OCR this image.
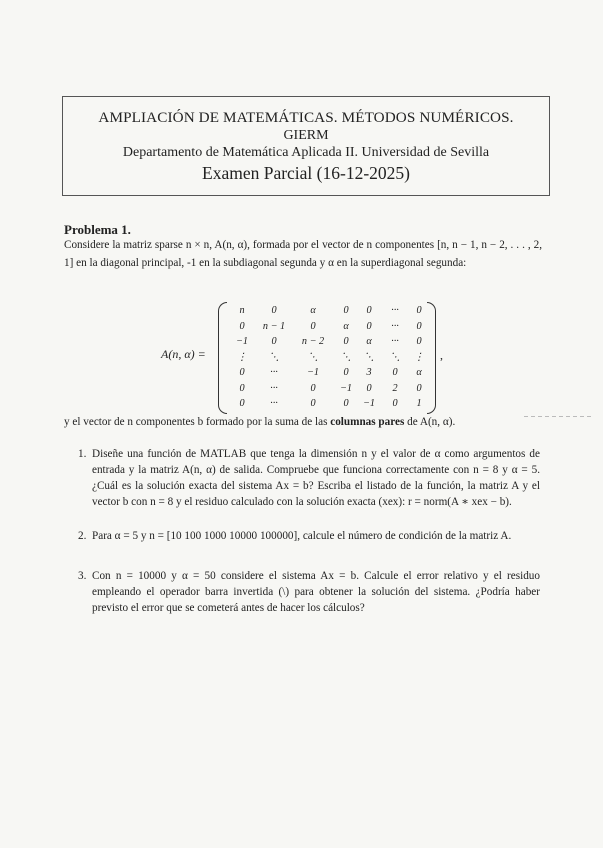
AMPLIACIÓN DE MATEMÁTICAS. MÉTODOS NUMÉRICOS.
GIERM
Departamento de Matemática Aplicada II. Universidad de Sevilla
Examen Parcial (16-12-2025)
Problema 1.
Considere la matriz sparse n × n, A(n, α), formada por el vector de n componentes [n, n − 1, n − 2, . . . , 2, 1] en la diagonal principal, -1 en la subdiagonal segunda y α en la superdiagonal segunda:
A(n, α) =
n	0	α	0	0	···	0
0	n − 1	0	α	0	···	0
−1	0	n − 2	0	α	···	0
⋮	⋱	⋱	⋱	⋱	⋱	⋮
0	···	−1	0	3	0	α
0	···	0	−1	0	2	0
0	···	0	0	−1	0	1
,
y el vector de n componentes b formado por la suma de las columnas pares de A(n, α).
1. Diseñe una función de MATLAB que tenga la dimensión n y el valor de α como argumentos de entrada y la matriz A(n, α) de salida. Compruebe que funciona correctamente con n = 8 y α = 5. ¿Cuál es la solución exacta del sistema Ax = b? Escriba el listado de la función, la matriz A y el vector b con n = 8 y el residuo calculado con la solución exacta (xex): r = norm(A ∗ xex − b).
2. Para α = 5 y n = [10 100 1000 10000 100000], calcule el número de condición de la matriz A.
3. Con n = 10000 y α = 50 considere el sistema Ax = b. Calcule el error relativo y el residuo empleando el operador barra invertida (\) para obtener la solución del sistema. ¿Podría haber previsto el error que se cometerá antes de hacer los cálculos?
